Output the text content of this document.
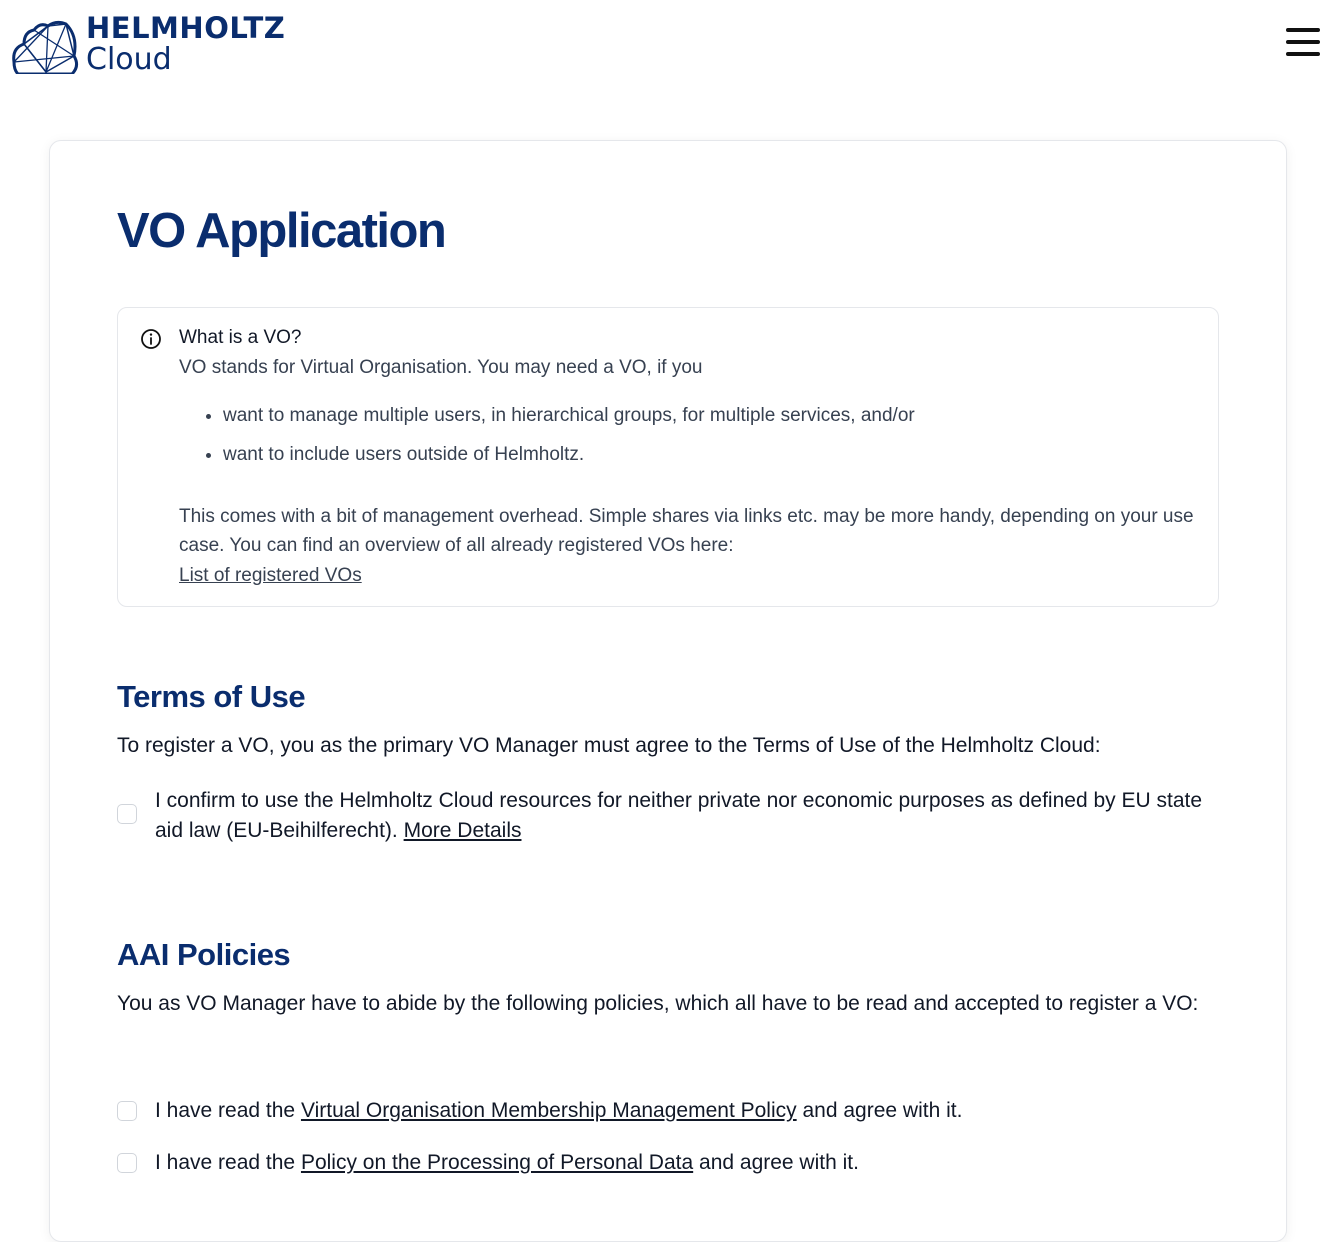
HELMHOLTZ
Cloud
VO Application
What is a VO?
VO stands for Virtual Organisation. You may need a VO, if you
• want to manage multiple users, in hierarchical groups, for multiple services, and/or
• want to include users outside of Helmholtz.

This comes with a bit of management overhead. Simple shares via links etc. may be more handy, depending on your use case. You can find an overview of all already registered VOs here:

List of registered VOs
Terms of Use

To register a VO, you as the primary VO Manager must agree to the Terms of Use of the Helmholtz Cloud:

I confirm to use the Helmholtz Cloud resources for neither private nor economic purposes as defined by EU state aid law (EU-Beihilferecht). More Details
AAI Policies

You as VO Manager have to abide by the following policies, which all have to be read and accepted to register a VO:

I have read the Virtual Organisation Membership Management Policy and agree with it.
I have read the Policy on the Processing of Personal Data and agree with it.
